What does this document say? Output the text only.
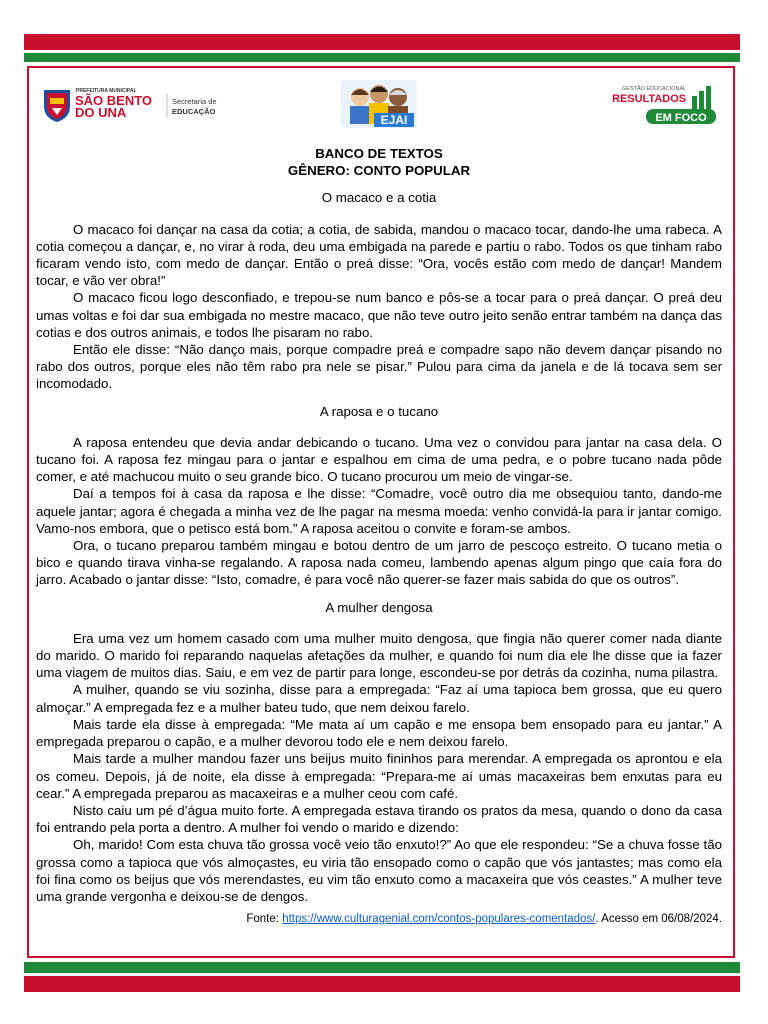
PREFEITURA MUNICIPAL
SÃO BENTO
DO UNA
Secretaria de
EDUCAÇÃO
EJAI
GESTÃO EDUCACIONAL
RESULTADOS
EM FOCO

BANCO DE TEXTOS

GÊNERO: CONTO POPULAR

O macaco e a cotia

O macaco foi dançar na casa da cotia; a cotia, de sabida, mandou o macaco tocar, dando-lhe uma rabeca. A cotia começou a dançar, e, no virar à roda, deu uma embigada na parede e partiu o rabo. Todos os que tinham rabo ficaram vendo isto, com medo de dançar. Então o preá disse: “Ora, vocês estão com medo de dançar! Mandem tocar, e vão ver obra!”

O macaco ficou logo desconfiado, e trepou-se num banco e pôs-se a tocar para o preá dançar. O preá deu umas voltas e foi dar sua embigada no mestre macaco, que não teve outro jeito senão entrar também na dança das cotias e dos outros animais, e todos lhe pisaram no rabo.

Então ele disse: “Não danço mais, porque compadre preá e compadre sapo não devem dançar pisando no rabo dos outros, porque eles não têm rabo pra nele se pisar.” Pulou para cima da janela e de lá tocava sem ser incomodado.

A raposa e o tucano

A raposa entendeu que devia andar debicando o tucano. Uma vez o convidou para jantar na casa dela. O tucano foi. A raposa fez mingau para o jantar e espalhou em cima de uma pedra, e o pobre tucano nada pôde comer, e até machucou muito o seu grande bico. O tucano procurou um meio de vingar-se.

Daí a tempos foi à casa da raposa e lhe disse: “Comadre, você outro dia me obsequiou tanto, dando-me aquele jantar; agora é chegada a minha vez de lhe pagar na mesma moeda: venho convidá-la para ir jantar comigo. Vamo-nos embora, que o petisco está bom.” A raposa aceitou o convite e foram-se ambos.

Ora, o tucano preparou também mingau e botou dentro de um jarro de pescoço estreito. O tucano metia o bico e quando tirava vinha-se regalando. A raposa nada comeu, lambendo apenas algum pingo que caía fora do jarro. Acabado o jantar disse: “Isto, comadre, é para você não querer-se fazer mais sabida do que os outros”.

A mulher dengosa

Era uma vez um homem casado com uma mulher muito dengosa, que fingia não querer comer nada diante do marido. O marido foi reparando naquelas afetações da mulher, e quando foi num dia ele lhe disse que ia fazer uma viagem de muitos dias. Saiu, e em vez de partir para longe, escondeu-se por detrás da cozinha, numa pilastra.

A mulher, quando se viu sozinha, disse para a empregada: “Faz aí uma tapioca bem grossa, que eu quero almoçar.” A empregada fez e a mulher bateu tudo, que nem deixou farelo.

Mais tarde ela disse à empregada: “Me mata aí um capão e me ensopa bem ensopado para eu jantar.” A empregada preparou o capão, e a mulher devorou todo ele e nem deixou farelo.

Mais tarde a mulher mandou fazer uns beijus muito fininhos para merendar. A empregada os aprontou e ela os comeu. Depois, já de noite, ela disse à empregada: “Prepara-me aí umas macaxeiras bem enxutas para eu cear.” A empregada preparou as macaxeiras e a mulher ceou com café.

Nisto caiu um pé d’água muito forte. A empregada estava tirando os pratos da mesa, quando o dono da casa foi entrando pela porta a dentro. A mulher foi vendo o marido e dizendo:

Oh, marido! Com esta chuva tão grossa você veio tão enxuto!?” Ao que ele respondeu: “Se a chuva fosse tão grossa como a tapioca que vós almoçastes, eu viria tão ensopado como o capão que vós jantastes; mas como ela foi fina como os beijus que vós merendastes, eu vim tão enxuto como a macaxeira que vós ceastes.” A mulher teve uma grande vergonha e deixou-se de dengos.

Fonte: https://www.culturagenial.com/contos-populares-comentados/. Acesso em 06/08/2024.
